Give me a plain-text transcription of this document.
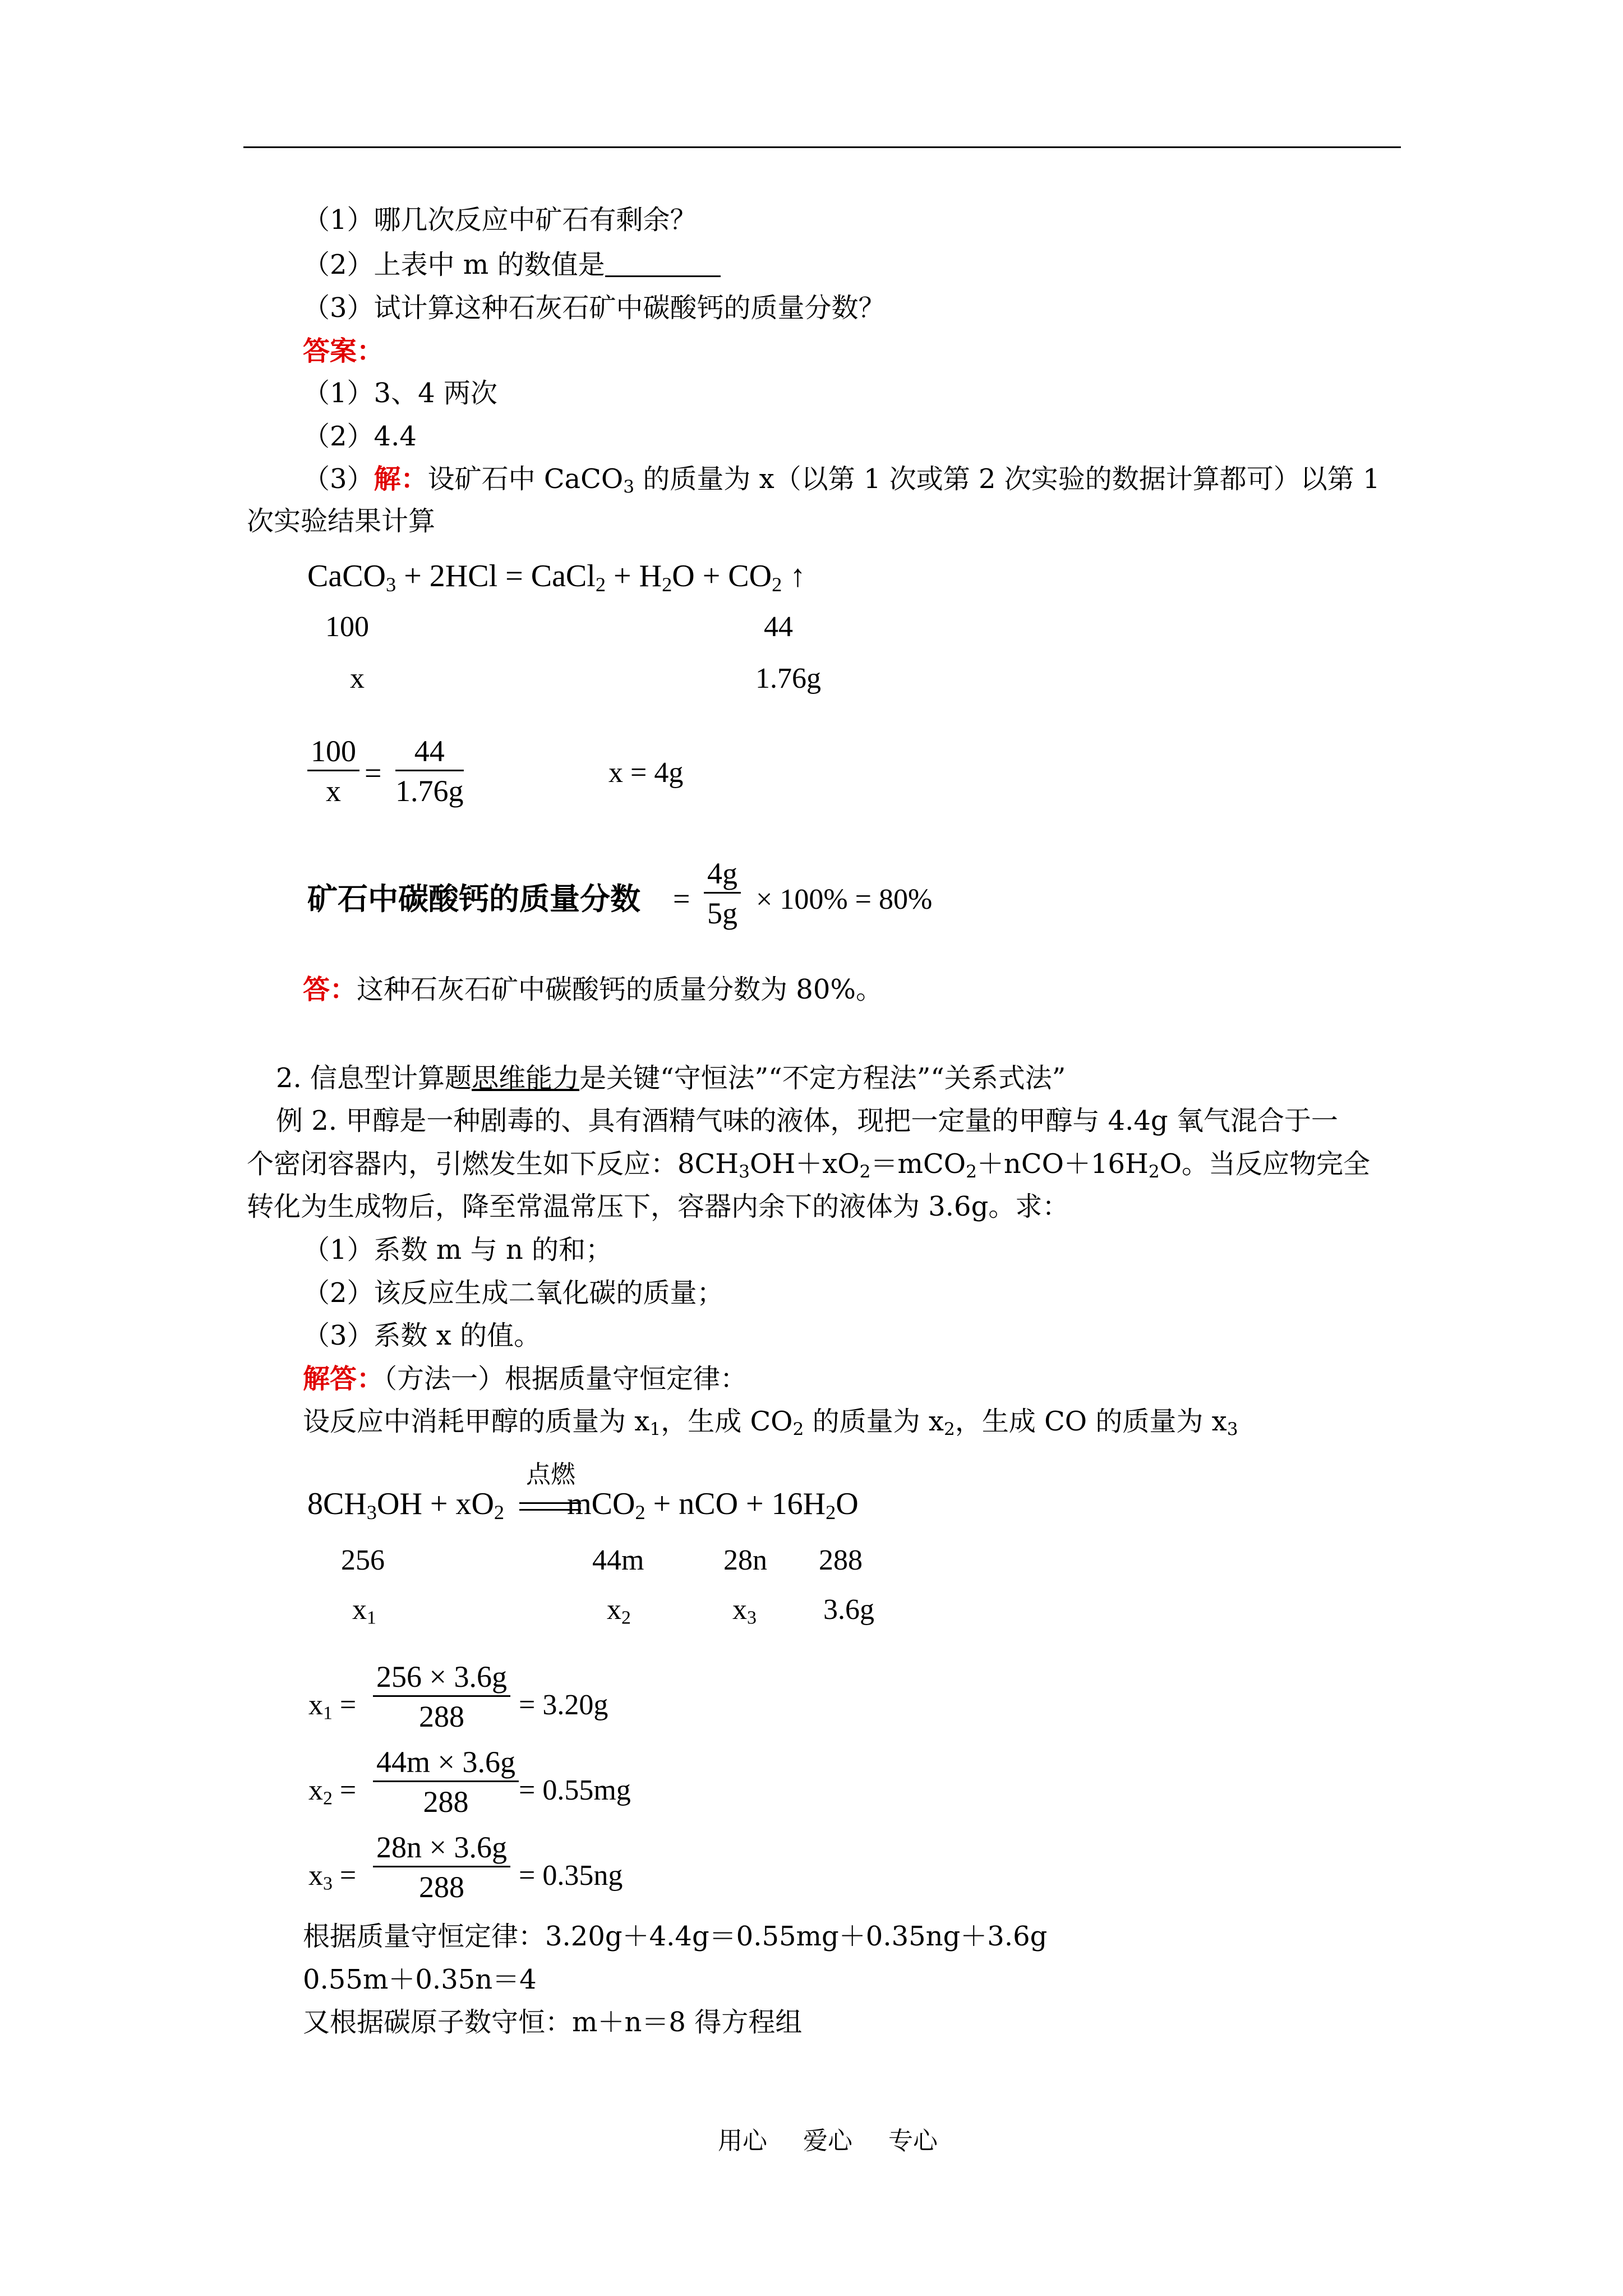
（1）哪几次反应中矿石有剩余？
（2）上表中 m 的数值是
（3）试计算这种石灰石矿中碳酸钙的质量分数？
答案：
（1）3、4 两次
（2）4.4
（3）解：设矿石中 CaCO$_3$ 的质量为 x（以第 1 次或第 2 次实验的数据计算都可）以第 1
次实验结果计算
CaCO$_3$ + 2HCl = CaCl$_2$ + $H_2O + CO_2$ ↑
100	44
x	1.76g
$\frac{100}{x} = \frac{44}{1.76g}$	x = 4g
矿石中碳酸钙的质量分数 = $\frac{4g}{5g} \times 100\% = 80\%$
答：这种石灰石矿中碳酸钙的质量分数为 80%。
2. 信息型计算题思维能力是关键“守恒法”“不定方程法”“关系式法”
例 2. 甲醇是一种剧毒的、具有酒精气味的液体，现把一定量的甲醇与 4.4g 氧气混合于一
个密闭容器内，引燃发生如下反应：$8CH_3OH+xO_2=mCO_2+nCO+16H_2O$。当反应物完全
转化为生成物后，降至常温常压下，容器内余下的液体为 3.6g。求：
（1）系数 m 与 n 的和；
（2）该反应生成二氧化碳的质量；
（3）系数 x 的值。
解答：（方法一）根据质量守恒定律：
设反应中消耗甲醇的质量为 $x_1$，生成 $CO_2$ 的质量为 $x_2$，生成 CO 的质量为 $x_3$
$8CH_3OH + xO_2$ mCO$_2$ + nCO + $16H_2O$
点燃
256	44m	28n 288
$x_1$	$x_2$	$x_3$ 3.6g
$x_1 = \frac{256 \times 3.6g}{288} = 3.20g$
$x_2 = \frac{44m \times 3.6g}{288} = 0.55mg$
$x_3 = \frac{28n \times 3.6g}{288} = 0.35ng$
根据质量守恒定律：3.20g＋4.4g＝0.55mg＋0.35ng＋3.6g
0.55m＋0.35n＝4
又根据碳原子数守恒：m＋n＝8 得方程组
用心 爱心 专心
